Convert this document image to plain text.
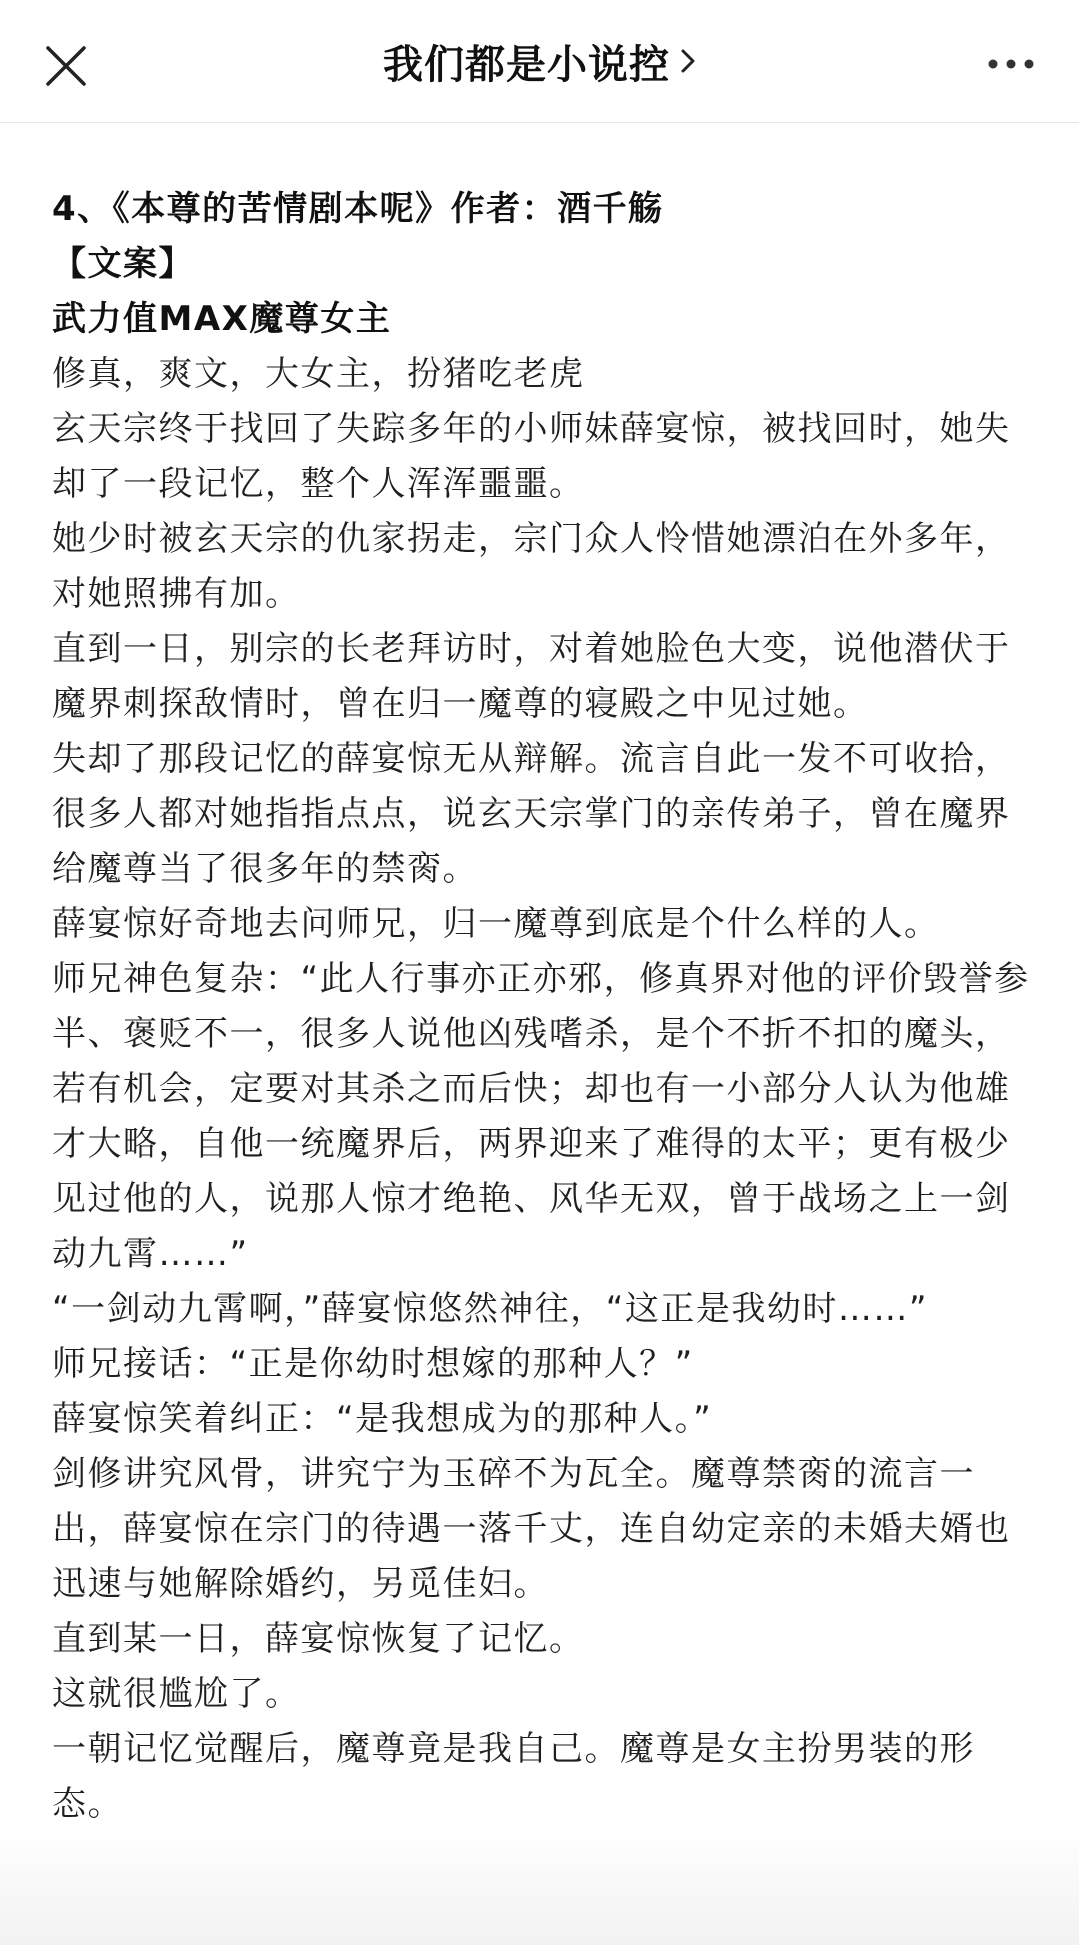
我们都是小说控

4、《本尊的苦情剧本呢》作者：酒千觞

【文案】

武力值MAX魔尊女主

修真，爽文，大女主，扮猪吃老虎

玄天宗终于找回了失踪多年的小师妹薛宴惊，被找回时，她失却了一段记忆，整个人浑浑噩噩。

她少时被玄天宗的仇家拐走，宗门众人怜惜她漂泊在外多年，对她照拂有加。

直到一日，别宗的长老拜访时，对着她脸色大变，说他潜伏于魔界刺探敌情时，曾在归一魔尊的寝殿之中见过她。

失却了那段记忆的薛宴惊无从辩解。流言自此一发不可收拾，很多人都对她指指点点，说玄天宗掌门的亲传弟子，曾在魔界给魔尊当了很多年的禁脔。

薛宴惊好奇地去问师兄，归一魔尊到底是个什么样的人。

师兄神色复杂：“此人行事亦正亦邪，修真界对他的评价毁誉参半、褒贬不一，很多人说他凶残嗜杀，是个不折不扣的魔头，若有机会，定要对其杀之而后快；却也有一小部分人认为他雄才大略，自他一统魔界后，两界迎来了难得的太平；更有极少见过他的人，说那人惊才绝艳、风华无双，曾于战场之上一剑动九霄……”

“一剑动九霄啊，”薛宴惊悠然神往，“这正是我幼时……”

师兄接话：“正是你幼时想嫁的那种人？”

薛宴惊笑着纠正：“是我想成为的那种人。”

剑修讲究风骨，讲究宁为玉碎不为瓦全。魔尊禁脔的流言一出，薛宴惊在宗门的待遇一落千丈，连自幼定亲的未婚夫婿也迅速与她解除婚约，另觅佳妇。

直到某一日，薛宴惊恢复了记忆。

这就很尴尬了。

一朝记忆觉醒后，魔尊竟是我自己。魔尊是女主扮男装的形态。
